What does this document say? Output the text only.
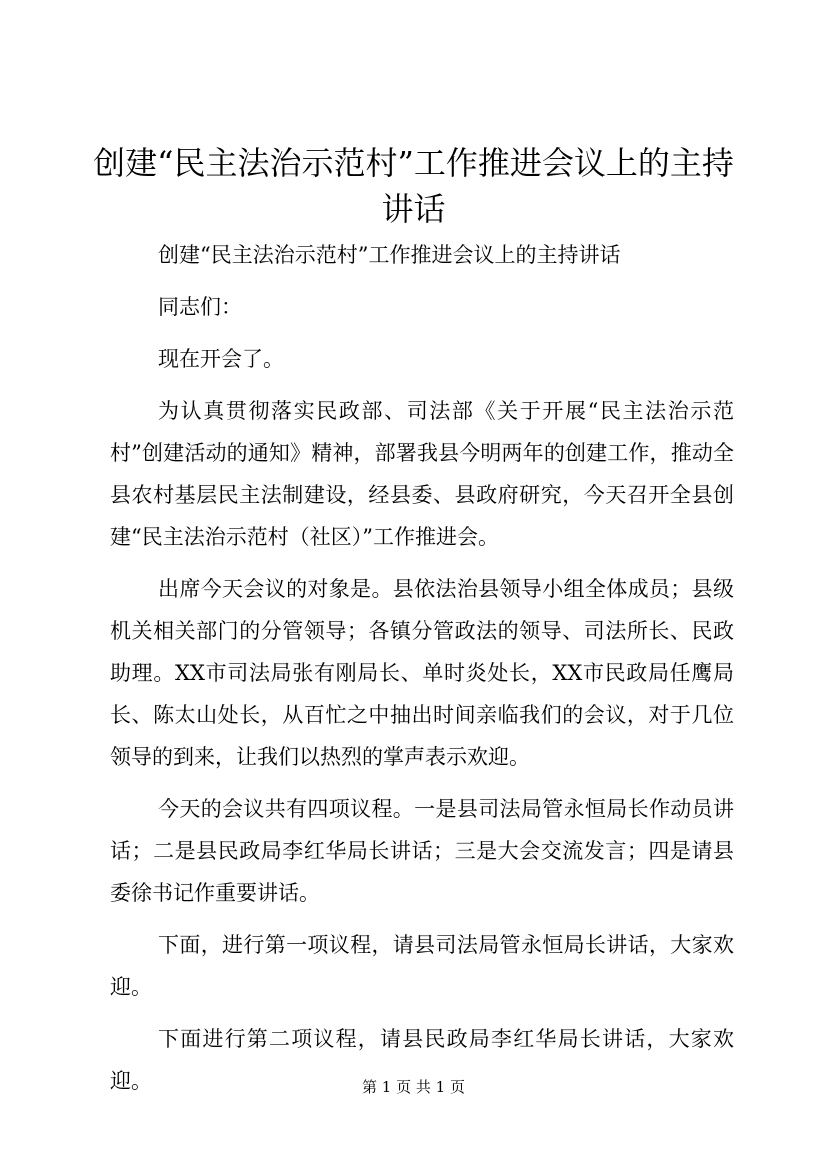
创建“民主法治示范村”工作推进会议上的主持讲话

创建“民主法治示范村”工作推进会议上的主持讲话

同志们：

现在开会了。

为认真贯彻落实民政部、司法部《关于开展“民主法治示范村”创建活动的通知》精神，部署我县今明两年的创建工作，推动全县农村基层民主法制建设，经县委、县政府研究，今天召开全县创建“民主法治示范村（社区）”工作推进会。

出席今天会议的对象是。县依法治县领导小组全体成员；县级机关相关部门的分管领导；各镇分管政法的领导、司法所长、民政助理。XX市司法局张有刚局长、单时炎处长，XX市民政局任鹰局长、陈太山处长，从百忙之中抽出时间亲临我们的会议，对于几位领导的到来，让我们以热烈的掌声表示欢迎。

今天的会议共有四项议程。一是县司法局管永恒局长作动员讲话；二是县民政局李红华局长讲话；三是大会交流发言；四是请县委徐书记作重要讲话。

下面，进行第一项议程，请县司法局管永恒局长讲话，大家欢迎。

下面进行第二项议程，请县民政局李红华局长讲话，大家欢迎。	第 1 页 共 1 页
